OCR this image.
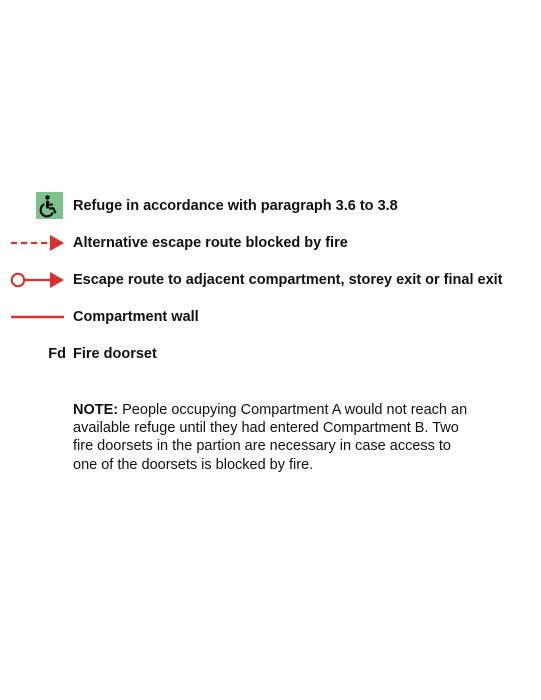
Refuge in accordance with paragraph 3.6 to 3.8
Alternative escape route blocked by fire
Escape route to adjacent compartment, storey exit or final exit
Compartment wall
Fd Fire doorset
NOTE: People occupying Compartment A would not reach an available refuge until they had entered Compartment B. Two fire doorsets in the partion are necessary in case access to one of the doorsets is blocked by fire.
